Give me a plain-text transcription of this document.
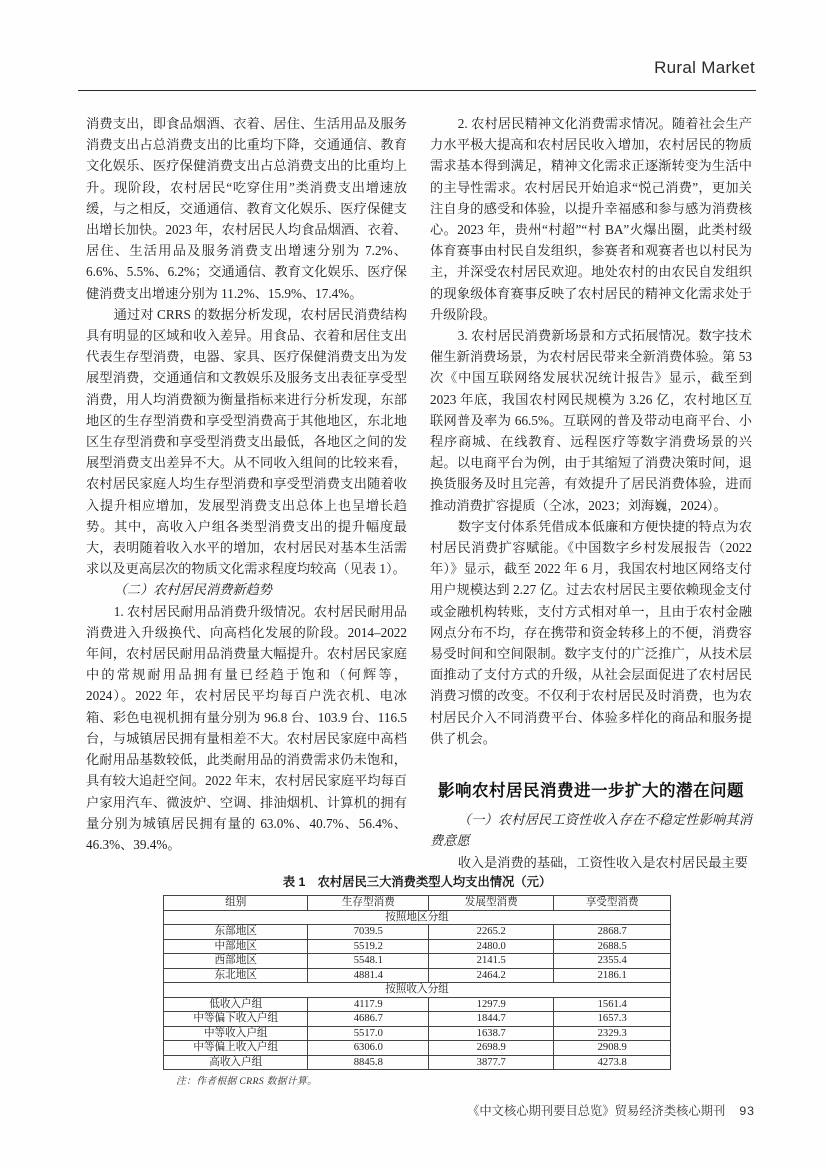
Rural Market

消费支出，即食品烟酒、衣着、居住、生活用品及服务消费支出占总消费支出的比重均下降，交通通信、教育文化娱乐、医疗保健消费支出占总消费支出的比重均上升。现阶段，农村居民“吃穿住用”类消费支出增速放缓，与之相反，交通通信、教育文化娱乐、医疗保健支出增长加快。2023 年，农村居民人均食品烟酒、衣着、居住、生活用品及服务消费支出增速分别为 7.2%、6.6%、5.5%、6.2%；交通通信、教育文化娱乐、医疗保健消费支出增速分别为 11.2%、15.9%、17.4%。

通过对 CRRS 的数据分析发现，农村居民消费结构具有明显的区域和收入差异。用食品、衣着和居住支出代表生存型消费，电器、家具、医疗保健消费支出为发展型消费，交通通信和文教娱乐及服务支出表征享受型消费，用人均消费额为衡量指标来进行分析发现，东部地区的生存型消费和享受型消费高于其他地区，东北地区生存型消费和享受型消费支出最低，各地区之间的发展型消费支出差异不大。从不同收入组间的比较来看，农村居民家庭人均生存型消费和享受型消费支出随着收入提升相应增加，发展型消费支出总体上也呈增长趋势。其中，高收入户组各类型消费支出的提升幅度最大，表明随着收入水平的增加，农村居民对基本生活需求以及更高层次的物质文化需求程度均较高（见表 1）。

（二）农村居民消费新趋势

1. 农村居民耐用品消费升级情况。农村居民耐用品消费进入升级换代、向高档化发展的阶段。2014–2022 年间，农村居民耐用品消费量大幅提升。农村居民家庭中的常规耐用品拥有量已经趋于饱和（何辉等，2024）。2022 年，农村居民平均每百户洗衣机、电冰箱、彩色电视机拥有量分别为 96.8 台、103.9 台、116.5 台，与城镇居民拥有量相差不大。农村居民家庭中高档化耐用品基数较低，此类耐用品的消费需求仍未饱和，具有较大追赶空间。2022 年末，农村居民家庭平均每百户家用汽车、微波炉、空调、排油烟机、计算机的拥有量分别为城镇居民拥有量的 63.0%、40.7%、56.4%、46.3%、39.4%。

2. 农村居民精神文化消费需求情况。随着社会生产力水平极大提高和农村居民收入增加，农村居民的物质需求基本得到满足，精神文化需求正逐渐转变为生活中的主导性需求。农村居民开始追求“悦己消费”，更加关注自身的感受和体验，以提升幸福感和参与感为消费核心。2023 年，贵州“村超”“村 BA”火爆出圈，此类村级体育赛事由村民自发组织，参赛者和观赛者也以村民为主，并深受农村居民欢迎。地处农村的由农民自发组织的现象级体育赛事反映了农村居民的精神文化需求处于升级阶段。

3. 农村居民消费新场景和方式拓展情况。数字技术催生新消费场景，为农村居民带来全新消费体验。第 53 次《中国互联网络发展状况统计报告》显示，截至到 2023 年底，我国农村网民规模为 3.26 亿，农村地区互联网普及率为 66.5%。互联网的普及带动电商平台、小程序商城、在线教育、远程医疗等数字消费场景的兴起。以电商平台为例，由于其缩短了消费决策时间，退换货服务及时且完善，有效提升了居民消费体验，进而推动消费扩容提质（仝冰，2023；刘海巍，2024）。

数字支付体系凭借成本低廉和方便快捷的特点为农村居民消费扩容赋能。《中国数字乡村发展报告（2022 年）》显示，截至 2022 年 6 月，我国农村地区网络支付用户规模达到 2.27 亿。过去农村居民主要依赖现金支付或金融机构转账，支付方式相对单一，且由于农村金融网点分布不均，存在携带和资金转移上的不便，消费容易受时间和空间限制。数字支付的广泛推广，从技术层面推动了支付方式的升级，从社会层面促进了农村居民消费习惯的改变。不仅利于农村居民及时消费，也为农村居民介入不同消费平台、体验多样化的商品和服务提供了机会。

影响农村居民消费进一步扩大的潜在问题

（一）农村居民工资性收入存在不稳定性影响其消费意愿

收入是消费的基础，工资性收入是农村居民最主要

表 1　农村居民三大消费类型人均支出情况（元）
组别	生存型消费	发展型消费	享受型消费
按照地区分组			
东部地区	7039.5	2265.2	2868.7
中部地区	5519.2	2480.0	2688.5
西部地区	5548.1	2141.5	2355.4
东北地区	4881.4	2464.2	2186.1
按照收入分组			
低收入户组	4117.9	1297.9	1561.4
中等偏下收入户组	4686.7	1844.7	1657.3
中等收入户组	5517.0	1638.7	2329.3
中等偏上收入户组	6306.0	2698.9	2908.9
高收入户组	8845.8	3877.7	4273.8
注：作者根据 CRRS 数据计算。
《中文核心期刊要目总览》贸易经济类核心期刊 93
